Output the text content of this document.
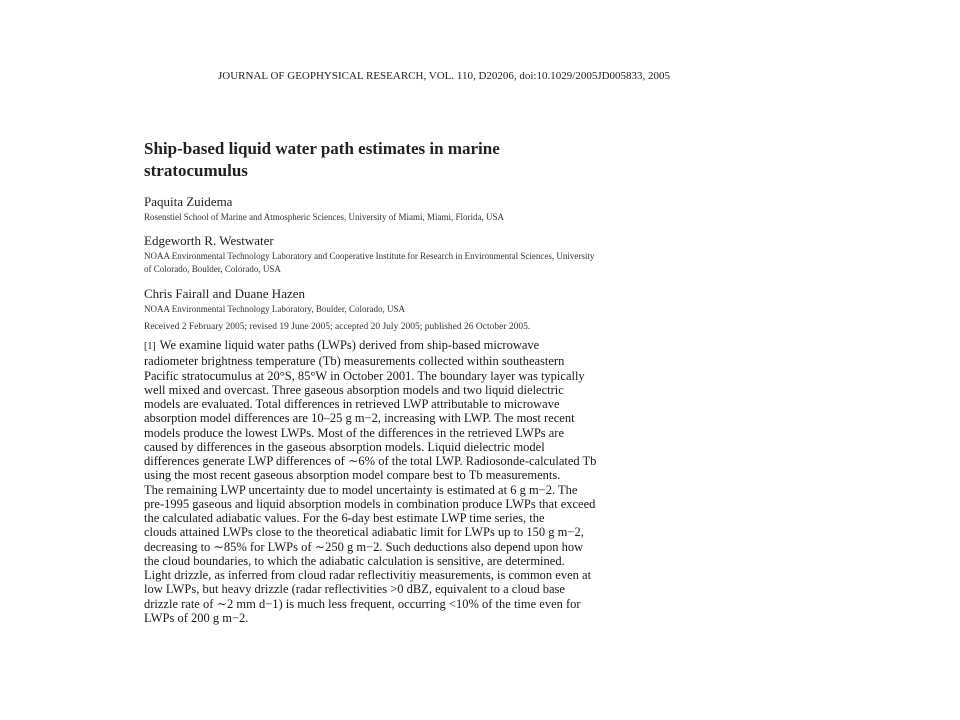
JOURNAL OF GEOPHYSICAL RESEARCH, VOL. 110, D20206, doi:10.1029/2005JD005833, 2005
Ship-based liquid water path estimates in marine
stratocumulus
Paquita Zuidema
Rosenstiel School of Marine and Atmospheric Sciences, University of Miami, Miami, Florida, USA
Edgeworth R. Westwater
NOAA Environmental Technology Laboratory and Cooperative Institute for Research in Environmental Sciences, University
of Colorado, Boulder, Colorado, USA
Chris Fairall and Duane Hazen
NOAA Environmental Technology Laboratory, Boulder, Colorado, USA
Received 2 February 2005; revised 19 June 2005; accepted 20 July 2005; published 26 October 2005.
[1] We examine liquid water paths (LWPs) derived from ship-based microwave
radiometer brightness temperature (Tb) measurements collected within southeastern
Pacific stratocumulus at 20°S, 85°W in October 2001. The boundary layer was typically
well mixed and overcast. Three gaseous absorption models and two liquid dielectric
models are evaluated. Total differences in retrieved LWP attributable to microwave
absorption model differences are 10–25 g m−2, increasing with LWP. The most recent
models produce the lowest LWPs. Most of the differences in the retrieved LWPs are
caused by differences in the gaseous absorption models. Liquid dielectric model
differences generate LWP differences of ∼6% of the total LWP. Radiosonde-calculated Tb
using the most recent gaseous absorption model compare best to Tb measurements.
The remaining LWP uncertainty due to model uncertainty is estimated at 6 g m−2. The
pre-1995 gaseous and liquid absorption models in combination produce LWPs that exceed
the calculated adiabatic values. For the 6-day best estimate LWP time series, the
clouds attained LWPs close to the theoretical adiabatic limit for LWPs up to 150 g m−2,
decreasing to ∼85% for LWPs of ∼250 g m−2. Such deductions also depend upon how
the cloud boundaries, to which the adiabatic calculation is sensitive, are determined.
Light drizzle, as inferred from cloud radar reflectivitiy measurements, is common even at
low LWPs, but heavy drizzle (radar reflectivities >0 dBZ, equivalent to a cloud base
drizzle rate of ∼2 mm d−1) is much less frequent, occurring <10% of the time even for
LWPs of 200 g m−2.
